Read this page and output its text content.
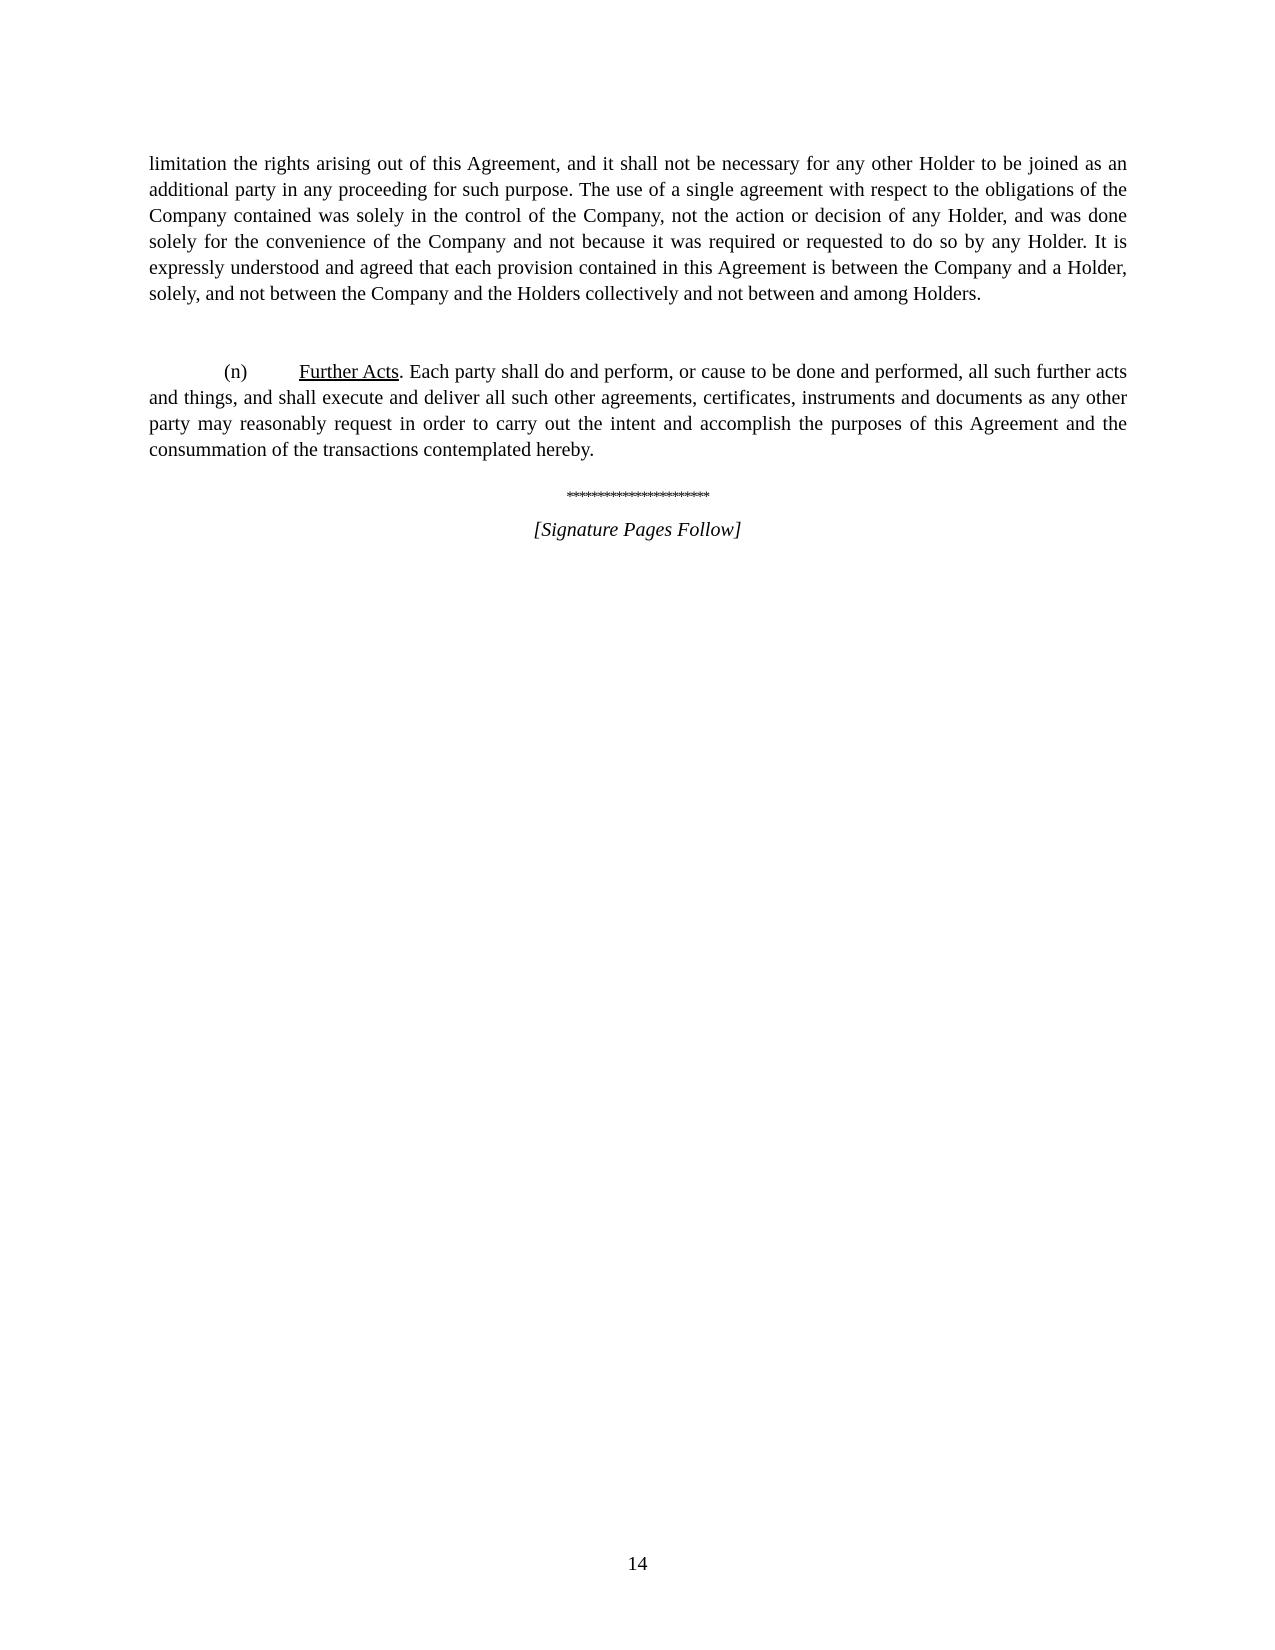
limitation the rights arising out of this Agreement, and it shall not be necessary for any other Holder to be joined as an additional party in any proceeding for such purpose. The use of a single agreement with respect to the obligations of the Company contained was solely in the control of the Company, not the action or decision of any Holder, and was done solely for the convenience of the Company and not because it was required or requested to do so by any Holder. It is expressly understood and agreed that each provision contained in this Agreement is between the Company and a Holder, solely, and not between the Company and the Holders collectively and not between and among Holders.

(n)	Further Acts. Each party shall do and perform, or cause to be done and performed, all such further acts and things, and shall execute and deliver all such other agreements, certificates, instruments and documents as any other party may reasonably request in order to carry out the intent and accomplish the purposes of this Agreement and the consummation of the transactions contemplated hereby.

***********************

[Signature Pages Follow]

14
